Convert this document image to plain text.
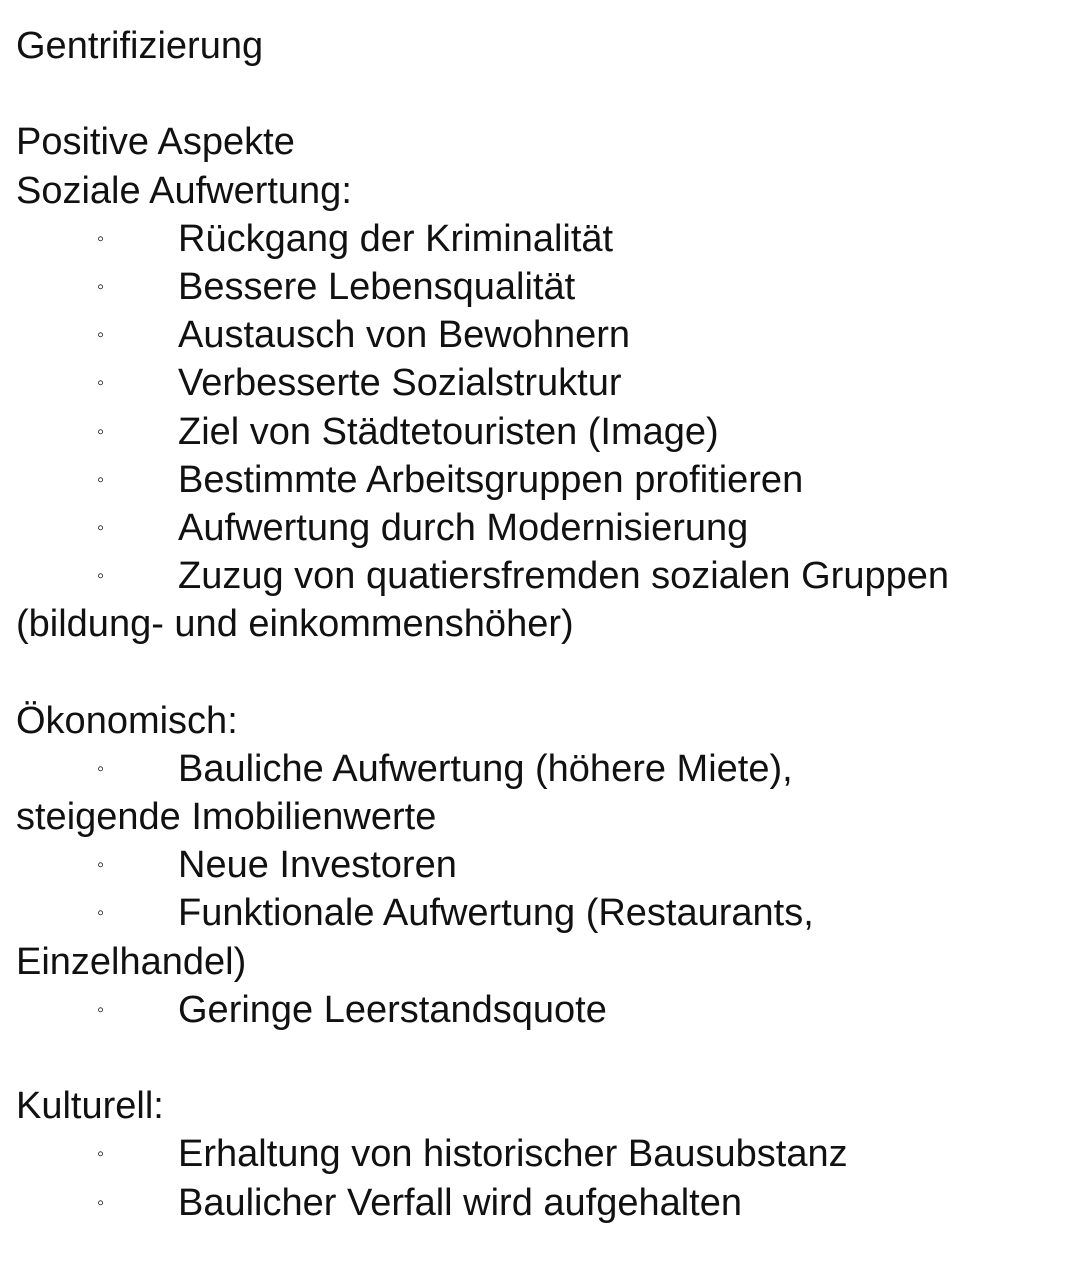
Gentrifizierung
Positive Aspekte
Soziale Aufwertung:
◦ Rückgang der Kriminalität
◦ Bessere Lebensqualität
◦ Austausch von Bewohnern
◦ Verbesserte Sozialstruktur
◦ Ziel von Städtetouristen (Image)
◦ Bestimmte Arbeitsgruppen profitieren
◦ Aufwertung durch Modernisierung
◦ Zuzug von quatiersfremden sozialen Gruppen
(bildung- und einkommenshöher)
Ökonomisch:
◦ Bauliche Aufwertung (höhere Miete),
steigende Imobilienwerte
◦ Neue Investoren
◦ Funktionale Aufwertung (Restaurants,
Einzelhandel)
◦ Geringe Leerstandsquote
Kulturell:
◦ Erhaltung von historischer Bausubstanz
◦ Baulicher Verfall wird aufgehalten
